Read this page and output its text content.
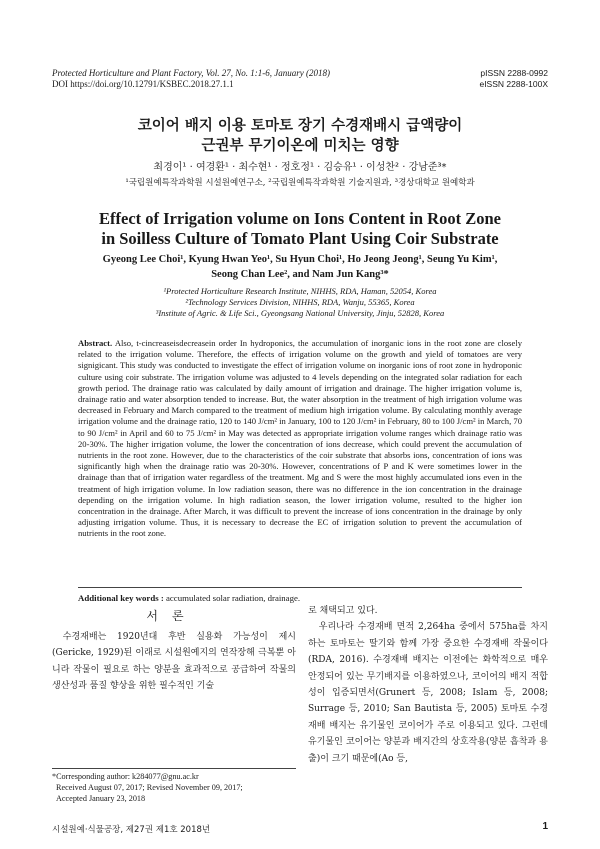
Protected Horticulture and Plant Factory, Vol. 27, No. 1:1-6, January (2018)
DOI https://doi.org/10.12791/KSBEC.2018.27.1.1
pISSN 2288-0992
eISSN 2288-100X
코이어 배지 이용 토마토 장기 수경재배시 급액량이
근권부 무기이온에 미치는 영향
최경이¹ · 여경환¹ · 최수현¹ · 정호정¹ · 김승유¹ · 이성찬² · 강남준³*
¹국립원예특작과학원 시설원예연구소, ²국립원예특작과학원 기술지원과, ³경상대학교 원예학과
Effect of Irrigation volume on Ions Content in Root Zone
in Soilless Culture of Tomato Plant Using Coir Substrate
Gyeong Lee Choi¹, Kyung Hwan Yeo¹, Su Hyun Choi¹, Ho Jeong Jeong¹, Seung Yu Kim¹,
Seong Chan Lee², and Nam Jun Kang³*
¹Protected Horticulture Research Institute, NIHHS, RDA, Haman, 52054, Korea
²Technology Services Division, NIHHS, RDA, Wanju, 55365, Korea
³Institute of Agric. & Life Sci., Gyeongsang National University, Jinju, 52828, Korea
Abstract. Also, t-cincreaseisdecreasein order In hydroponics, the accumulation of inorganic ions in the root zone are closely related to the irrigation volume. Therefore, the effects of irrigation volume on the growth and yield of tomatoes are very signigicant. This study was conducted to investigate the effect of irrigation volume on inorganic ions of root zone in hydroponic culture using coir substrate. The irrigation volume was adjusted to 4 levels depending on the integrated solar radiation for each growth period. The drainage ratio was calculated by daily amount of irrigation and drainage. The higher irrigation volume is, drainage ratio and water absorption tended to increase. But, the water absorption in the treatment of high irrigation volume was decreased in February and March compared to the treatment of medium high irrigation volume. By calculating monthly average irrigation volume and the drainage ratio, 120 to 140 J/cm² in January, 100 to 120 J/cm² in February, 80 to 100 J/cm² in March, 70 to 90 J/cm² in April and 60 to 75 J/cm² in May was detected as appropriate irrigation volume ranges which drainage ratio was 20-30%. The higher irrigation volume, the lower the concentration of ions decrease, which could prevent the accumulation of nutrients in the root zone. However, due to the characteristics of the coir substrate that absorbs ions, concentration of ions was significantly high when the drainage ratio was 20-30%. However, concentrations of P and K were sometimes lower in the drainage than that of irrigation water regardless of the treatment. Mg and S were the most highly accumulated ions even in the treatment of high irrigation volume. In low radiation season, there was no difference in the ion concentration in the drainage depending on the irrigation volume. In high radiation season, the lower irrigation volume, resulted to the higher ion concentration in the drainage. After March, it was difficult to prevent the increase of ions concentration in the drainage by only adjusting irrigation volume. Thus, it is necessary to decrease the EC of irrigation solution to prevent the accumulation of nutrients in the root zone.
Additional key words : accumulated solar radiation, drainage.
서론

수경재배는 1920년대 후반 실용화 가능성이 제시(Gericke, 1929)된 이래로 시설원예지의 연작장해 극복뿐 아니라 작물이 필요로 하는 양분을 효과적으로 공급하여 작물의 생산성과 품질 향상을 위한 필수적인 기술

로 채택되고 있다.

우리나라 수경재배 면적 2,264ha 중에서 575ha를 차지하는 토마토는 딸기와 함께 가장 중요한 수경재배 작물이다(RDA, 2016). 수경재배 배지는 이전에는 화학적으로 매우 안정되어 있는 무기배지를 이용하였으나, 코이어의 배지 적합성이 입증되면서(Grunert 등, 2008; Islam 등, 2008; Surrage 등, 2010; San Bautista 등, 2005) 토마토 수경재배 배지는 유기물인 코이어가 주로 이용되고 있다. 그런데 유기물인 코이어는 양분과 배지간의 상호작용(양분 흡착과 용출)이 크기 때문에(Ao 등,

*Corresponding author: k284077@gnu.ac.kr
Received August 07, 2017; Revised November 09, 2017;
Accepted January 23, 2018
시설원예·식물공장, 제27권 제1호 2018년	1
